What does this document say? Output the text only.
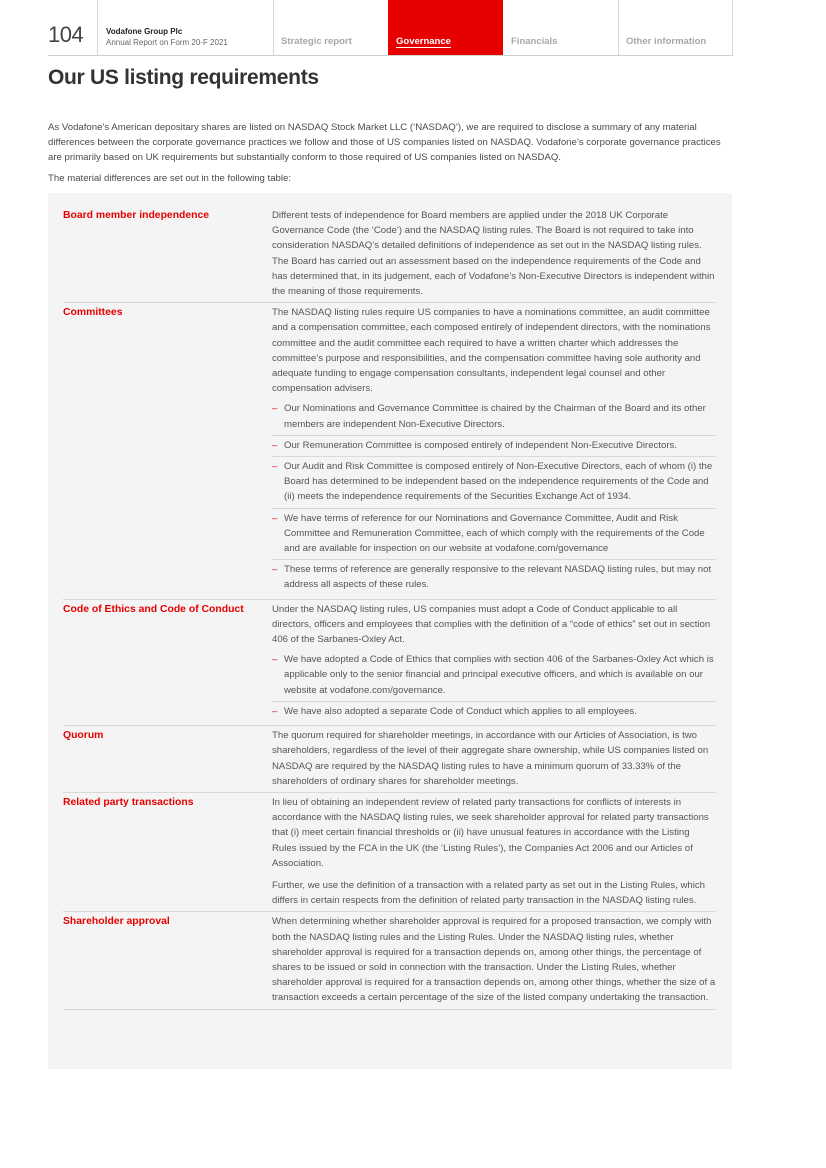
104	Vodafone Group Plc
Annual Report on Form 20-F 2021	Strategic report	Governance	Financials	Other information
Our US listing requirements

As Vodafone’s American depositary shares are listed on NASDAQ Stock Market LLC (‘NASDAQ’), we are required to disclose a summary of any material differences between the corporate governance practices we follow and those of US companies listed on NASDAQ. Vodafone’s corporate governance practices are primarily based on UK requirements but substantially conform to those required of US companies listed on NASDAQ.

The material differences are set out in the following table:

Board member independence	Different tests of independence for Board members are applied under the 2018 UK Corporate Governance Code (the ‘Code’) and the NASDAQ listing rules. The Board is not required to take into consideration NASDAQ’s detailed definitions of independence as set out in the NASDAQ listing rules. The Board has carried out an assessment based on the independence requirements of the Code and has determined that, in its judgement, each of Vodafone’s Non-Executive Directors is independent within the meaning of those requirements.

Committees	The NASDAQ listing rules require US companies to have a nominations committee, an audit committee and a compensation committee, each composed entirely of independent directors, with the nominations committee and the audit committee each required to have a written charter which addresses the committee’s purpose and responsibilities, and the compensation committee having sole authority and adequate funding to engage compensation consultants, independent legal counsel and other compensation advisers.

– Our Nominations and Governance Committee is chaired by the Chairman of the Board and its other members are independent Non-Executive Directors.
– Our Remuneration Committee is composed entirely of independent Non-Executive Directors.
– Our Audit and Risk Committee is composed entirely of Non-Executive Directors, each of whom (i) the Board has determined to be independent based on the independence requirements of the Code and (ii) meets the independence requirements of the Securities Exchange Act of 1934.
– We have terms of reference for our Nominations and Governance Committee, Audit and Risk Committee and Remuneration Committee, each of which comply with the requirements of the Code and are available for inspection on our website at vodafone.com/governance
– These terms of reference are generally responsive to the relevant NASDAQ listing rules, but may not address all aspects of these rules.
Code of Ethics and Code of Conduct	Under the NASDAQ listing rules, US companies must adopt a Code of Conduct applicable to all directors, officers and employees that complies with the definition of a “code of ethics” set out in section 406 of the Sarbanes-Oxley Act.

– We have adopted a Code of Ethics that complies with section 406 of the Sarbanes-Oxley Act which is applicable only to the senior financial and principal executive officers, and which is available on our website at vodafone.com/governance.
– We have also adopted a separate Code of Conduct which applies to all employees.
Quorum	The quorum required for shareholder meetings, in accordance with our Articles of Association, is two shareholders, regardless of the level of their aggregate share ownership, while US companies listed on NASDAQ are required by the NASDAQ listing rules to have a minimum quorum of 33.33% of the shareholders of ordinary shares for shareholder meetings.

Related party transactions	In lieu of obtaining an independent review of related party transactions for conflicts of interests in accordance with the NASDAQ listing rules, we seek shareholder approval for related party transactions that (i) meet certain financial thresholds or (ii) have unusual features in accordance with the Listing Rules issued by the FCA in the UK (the ‘Listing Rules’), the Companies Act 2006 and our Articles of Association.

Further, we use the definition of a transaction with a related party as set out in the Listing Rules, which differs in certain respects from the definition of related party transaction in the NASDAQ listing rules.

Shareholder approval	When determining whether shareholder approval is required for a proposed transaction, we comply with both the NASDAQ listing rules and the Listing Rules. Under the NASDAQ listing rules, whether shareholder approval is required for a transaction depends on, among other things, the percentage of shares to be issued or sold in connection with the transaction. Under the Listing Rules, whether shareholder approval is required for a transaction depends on, among other things, whether the size of a transaction exceeds a certain percentage of the size of the listed company undertaking the transaction.
